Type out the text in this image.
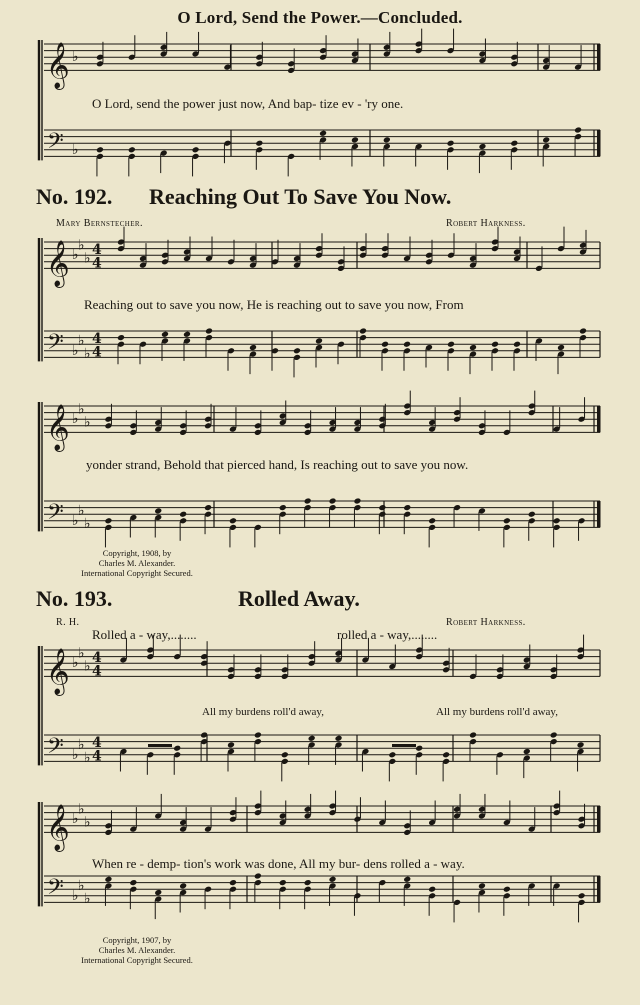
O Lord, Send the Power.—Concluded.
O Lord, send the power just now, And bap- tize ev - 'ry one.
No. 192. Reaching Out To Save You Now.
Mary Bernstecher.	Robert Harkness.
Reaching out to save you now, He is reaching out to save you now, From
yonder strand, Behold that pierced hand, Is reaching out to save you now.
Copyright, 1908, by
Charles M. Alexander.
International Copyright Secured.
No. 193.	Rolled Away.
R. H.	Robert Harkness.
Rolled a - way,........	rolled a - way,........
All my burdens roll'd away,	All my burdens roll'd away,
When re - demp- tion's work was done, All my bur- dens rolled a - way.
Copyright, 1907, by
Charles M. Alexander.
International Copyright Secured.
𝄞 ♭
𝄢 ♭
𝄞 ♭
♭
♭
4
4
𝄢 ♭
♭
♭
4
4
𝄞 ♭
♭
♭
𝄢 ♭
♭
♭
𝄞 ♭
♭
♭
4
4
𝄢 ♭
♭
♭
4
4
𝄞 ♭
♭
♭
𝄢 ♭
♭
♭
